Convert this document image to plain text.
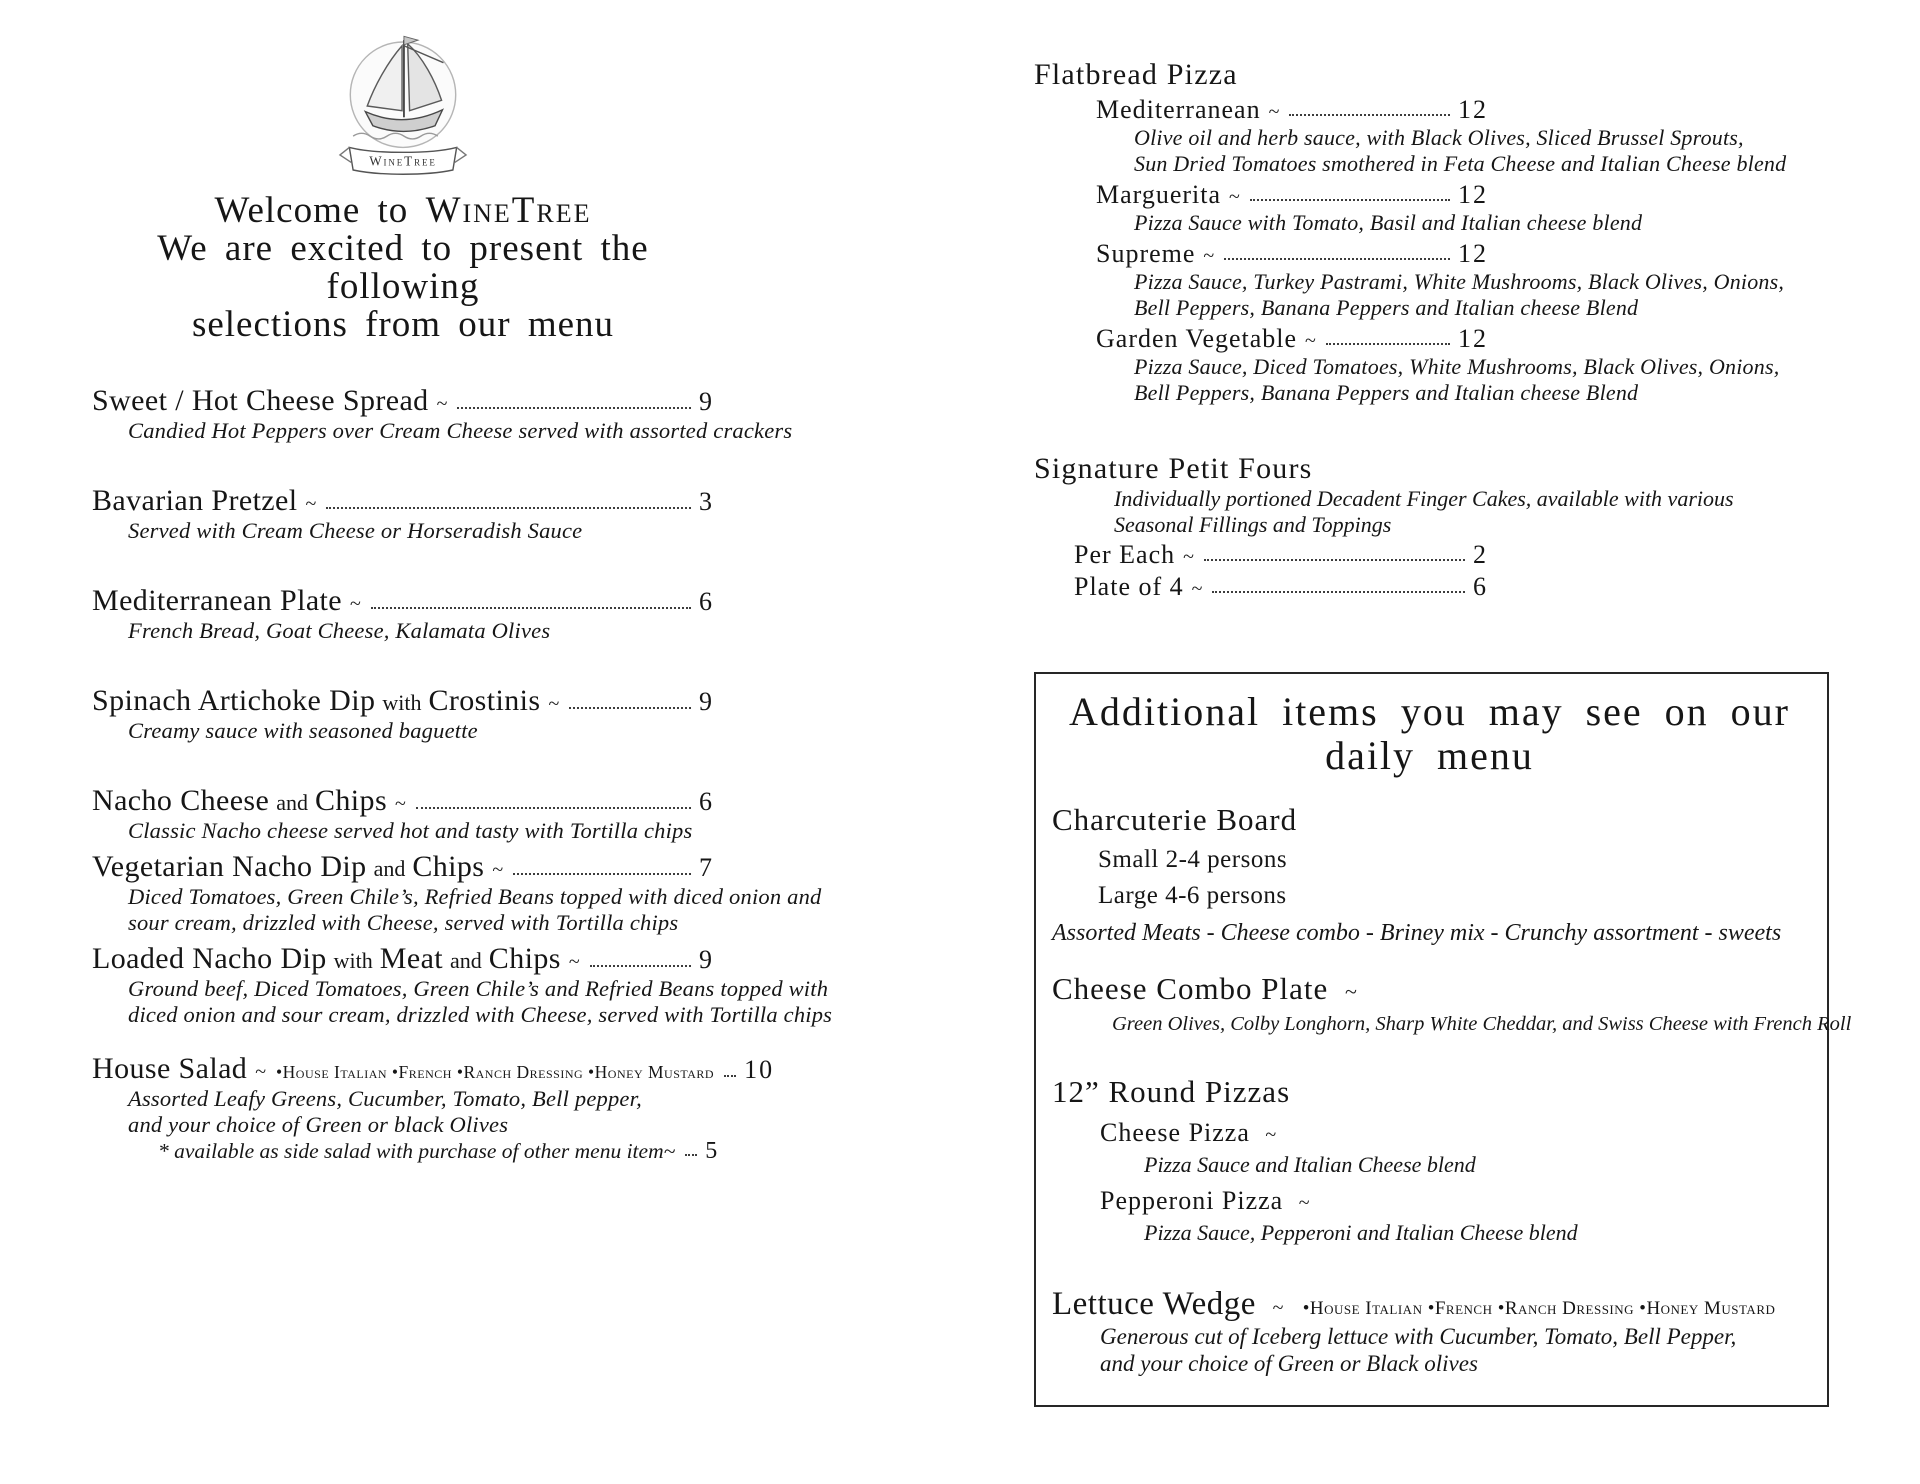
WineTree
Welcome to WineTree
We are excited to present the following
selections from our menu
Sweet / Hot Cheese Spread ~	9
Candied Hot Peppers over Cream Cheese served with assorted crackers
Bavarian Pretzel ~	3
Served with Cream Cheese or Horseradish Sauce
Mediterranean Plate ~	6
French Bread, Goat Cheese, Kalamata Olives
Spinach Artichoke Dip with Crostinis ~	9
Creamy sauce with seasoned baguette
Nacho Cheese and Chips ~	6
Classic Nacho cheese served hot and tasty with Tortilla chips
Vegetarian Nacho Dip and Chips ~	7
Diced Tomatoes, Green Chile’s, Refried Beans topped with diced onion and
sour cream, drizzled with Cheese, served with Tortilla chips
Loaded Nacho Dip with Meat and Chips ~	9
Ground beef, Diced Tomatoes, Green Chile’s and Refried Beans topped with
diced onion and sour cream, drizzled with Cheese, served with Tortilla chips
House Salad ~ •House Italian •French •Ranch Dressing •Honey Mustard 10
Assorted Leafy Greens, Cucumber, Tomato, Bell pepper,
and your choice of Green or black Olives
* available as side salad with purchase of other menu item~ 5
Flatbread Pizza
Mediterranean ~	12
Olive oil and herb sauce, with Black Olives, Sliced Brussel Sprouts,
Sun Dried Tomatoes smothered in Feta Cheese and Italian Cheese blend
Marguerita ~	12
Pizza Sauce with Tomato, Basil and Italian cheese blend
Supreme ~	12
Pizza Sauce, Turkey Pastrami, White Mushrooms, Black Olives, Onions,
Bell Peppers, Banana Peppers and Italian cheese Blend
Garden Vegetable ~	12
Pizza Sauce, Diced Tomatoes, White Mushrooms, Black Olives, Onions,
Bell Peppers, Banana Peppers and Italian cheese Blend
Signature Petit Fours
Individually portioned Decadent Finger Cakes, available with various
Seasonal Fillings and Toppings
Per Each ~	2
Plate of 4 ~	6
Additional items you may see on our
daily menu
Charcuterie Board
Small 2-4 persons
Large 4-6 persons
Assorted Meats - Cheese combo - Briney mix - Crunchy assortment - sweets
Cheese Combo Plate ~
Green Olives, Colby Longhorn, Sharp White Cheddar, and Swiss Cheese with French Roll
12” Round Pizzas
Cheese Pizza ~
Pizza Sauce and Italian Cheese blend
Pepperoni Pizza ~
Pizza Sauce, Pepperoni and Italian Cheese blend
Lettuce Wedge ~ •House Italian •French •Ranch Dressing •Honey Mustard
Generous cut of Iceberg lettuce with Cucumber, Tomato, Bell Pepper,
and your choice of Green or Black olives
